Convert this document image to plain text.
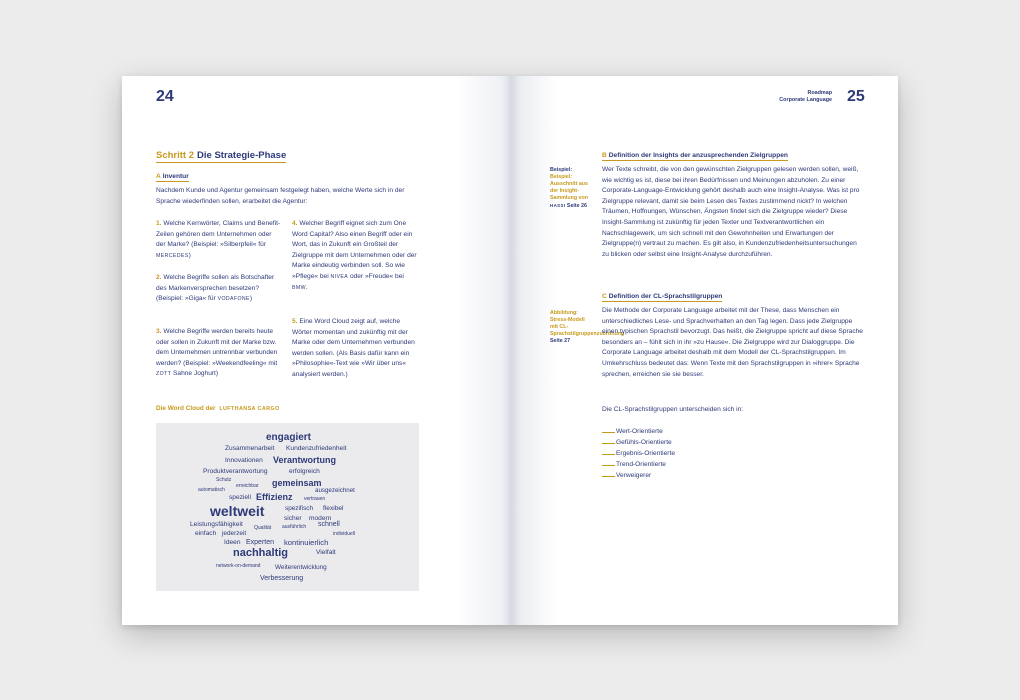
24
Schritt 2 Die Strategie-Phase
A Inventur
Nachdem Kunde und Agentur gemeinsam festgelegt haben, welche Werte sich in der Sprache wiederfinden sollen, erarbeitet die Agentur:
1. Welche Kernwörter, Claims und Benefit-Zeilen gehören dem Unternehmen oder der Marke? (Beispiel: »Silberpfeil« für MERCEDES)
2. Welche Begriffe sollen als Botschafter des Markenversprechen besetzen? (Beispiel: »Giga« für VODAFONE)
3. Welche Begriffe werden bereits heute oder sollen in Zukunft mit der Marke bzw. dem Unternehmen untrennbar verbunden werden? (Beispiel: »Weekendfeeling« mit ZOTT Sahne Joghurt)
4. Welcher Begriff eignet sich zum One Word Capital? Also einen Begriff oder ein Wort, das in Zukunft ein Großteil der Zielgruppe mit dem Unternehmen oder der Marke eindeutig verbinden soll. So wie »Pflege« bei NIVEA oder »Freude« bei BMW.
5. Eine Word Cloud zeigt auf, welche Wörter momentan und zukünftig mit der Marke oder dem Unternehmen verbunden werden sollen. (Als Basis dafür kann ein »Philosophie«-Text wie »Wir über uns« analysiert werden.)
Die Word Cloud der LUFTHANSA CARGO
engagiert
Zusammenarbeit Kundenzufriedenheit
Innovationen Verantwortung
Produktverantwortung	erfolgreich
Schutz
erreichbar gemeinsam
automatisch	ausgezeichnet
speziell Effizienz vertrauen
spezifisch flexibel
weltweit	sicher modern
Leistungsfähigkeit Qualität ausführlich schnell
einfach jederzeit	individuell
Ideen Experten kontinuierlich
nachhaltig	Vielfalt
network-on-demand Weiterentwicklung
Verbesserung
Roadmap
Corporate Language 25
Beispiel: Beispiel: Ausschnitt aus der Insight-Sammlung von HASSI Seite 26
Abbildung: Stress-Modell mit CL-Sprachstilgruppenzuordnung Seite 27
B Definition der Insights der anzusprechenden Zielgruppen
Wer Texte schreibt, die von den gewünschten Zielgruppen gelesen werden sollen, weiß, wie wichtig es ist, diese bei ihren Bedürfnissen und Meinungen abzuholen. Zu einer Corporate-Language-Entwicklung gehört deshalb auch eine Insight-Analyse. Was ist pro Zielgruppe relevant, damit sie beim Lesen des Textes zustimmend nickt? In welchen Träumen, Hoffnungen, Wünschen, Ängsten findet sich die Zielgruppe wieder? Diese Insight-Sammlung ist zukünftig für jeden Texter und Textverantwortlichen ein Nachschlagewerk, um sich schnell mit den Gewohnheiten und Erwartungen der Zielgruppe(n) vertraut zu machen. Es gilt also, in Kundenzufriedenheitsuntersuchungen zu blicken oder selbst eine Insight-Analyse durchzuführen.
C Definition der CL-Sprachstilgruppen
Die Methode der Corporate Language arbeitet mit der These, dass Menschen ein unterschiedliches Lese- und Sprachverhalten an den Tag legen. Dass jede Zielgruppe einen typischen Sprachstil bevorzugt. Das heißt, die Zielgruppe spricht auf diese Sprache besonders an – fühlt sich in ihr »zu Hause«. Die Zielgruppe wird zur Dialoggruppe. Die Corporate Language arbeitet deshalb mit dem Modell der CL-Sprachstilgruppen. Im Umkehrschluss bedeutet das: Wenn Texte mit den Sprachstilgruppen in »ihrer« Sprache sprechen, erreichen sie sie besser.
Die CL-Sprachstilgruppen unterscheiden sich in:
Wert-Orientierte
Gefühls-Orientierte
Ergebnis-Orientierte
Trend-Orientierte
Verweigerer
